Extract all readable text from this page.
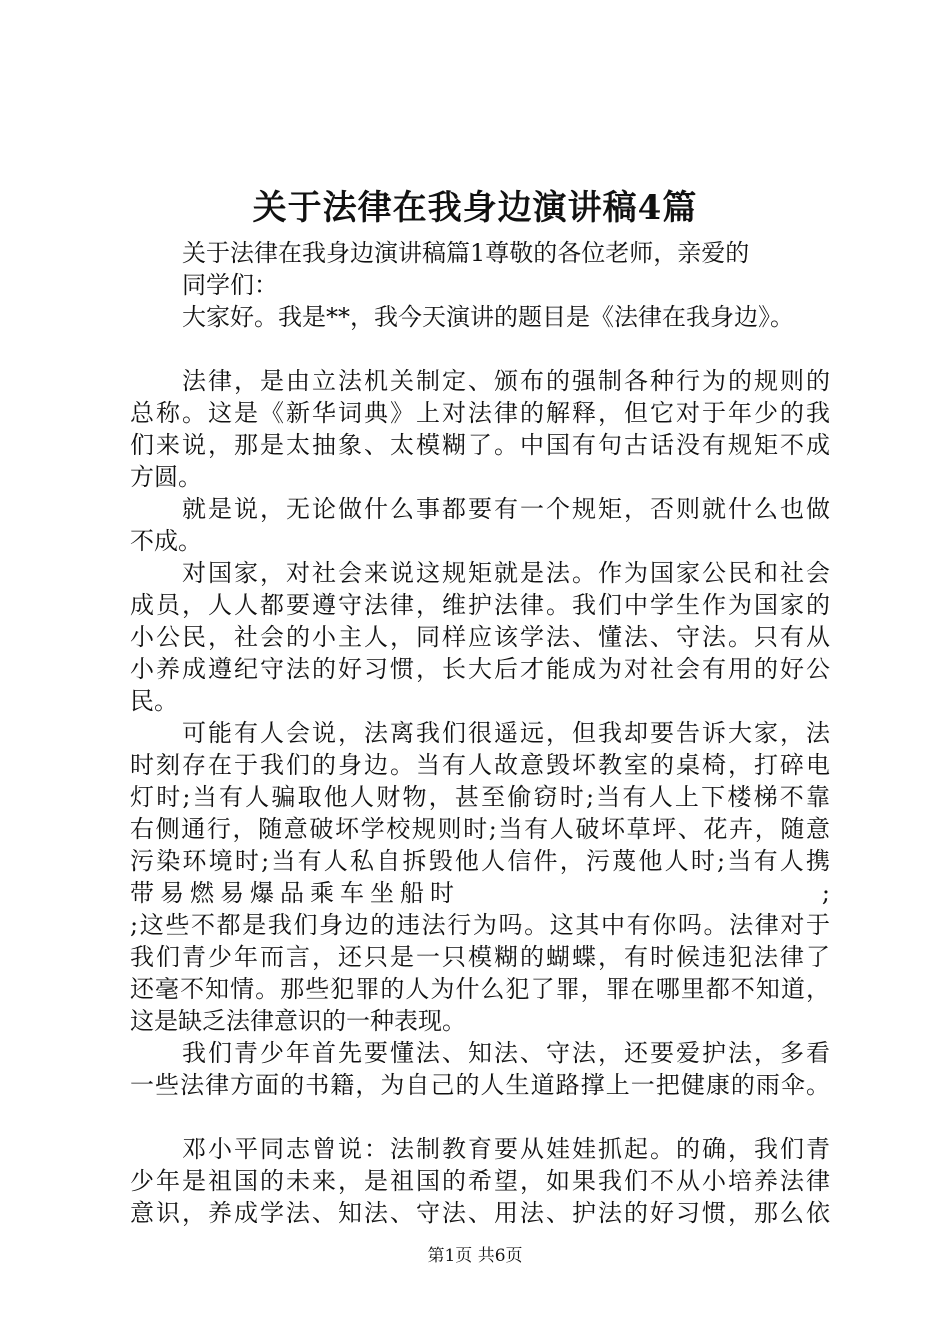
关于法律在我身边演讲稿4篇
关于法律在我身边演讲稿篇1尊敬的各位老师，亲爱的
同学们：
大家好。我是**，我今天演讲的题目是《法律在我身边》。
法律，是由立法机关制定、颁布的强制各种行为的规则的
总称。这是《新华词典》上对法律的解释，但它对于年少的我
们来说，那是太抽象、太模糊了。中国有句古话没有规矩不成
方圆。
就是说，无论做什么事都要有一个规矩，否则就什么也做
不成。
对国家，对社会来说这规矩就是法。作为国家公民和社会
成员，人人都要遵守法律，维护法律。我们中学生作为国家的
小公民，社会的小主人，同样应该学法、懂法、守法。只有从
小养成遵纪守法的好习惯，长大后才能成为对社会有用的好公
民。
可能有人会说，法离我们很遥远，但我却要告诉大家，法
时刻存在于我们的身边。当有人故意毁坏教室的桌椅，打碎电
灯时;当有人骗取他人财物，甚至偷窃时;当有人上下楼梯不靠
右侧通行，随意破坏学校规则时;当有人破坏草坪、花卉，随意
污染环境时;当有人私自拆毁他人信件，污蔑他人时;当有人携
带易燃易爆品乘车坐船时	;
;这些不都是我们身边的违法行为吗。这其中有你吗。法律对于
我们青少年而言，还只是一只模糊的蝴蝶，有时候违犯法律了
还毫不知情。那些犯罪的人为什么犯了罪，罪在哪里都不知道，
这是缺乏法律意识的一种表现。
我们青少年首先要懂法、知法、守法，还要爱护法，多看
一些法律方面的书籍，为自己的人生道路撑上一把健康的雨伞。
邓小平同志曾说：法制教育要从娃娃抓起。的确，我们青
少年是祖国的未来，是祖国的希望，如果我们不从小培养法律
意识，养成学法、知法、守法、用法、护法的好习惯，那么依
第1页 共6页
